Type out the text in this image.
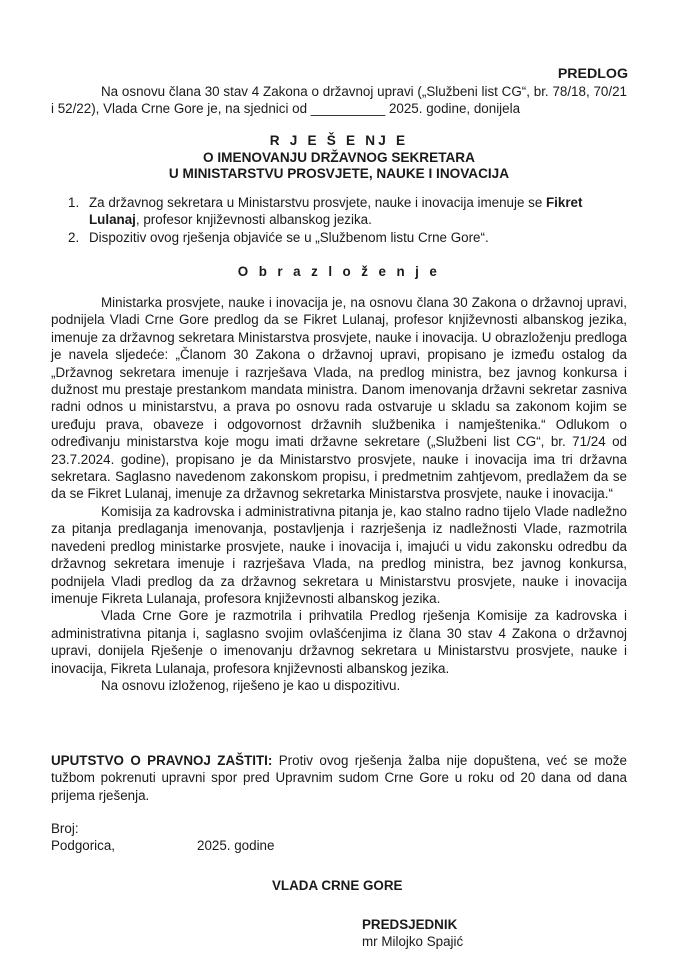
PREDLOG
Na osnovu člana 30 stav 4 Zakona o državnoj upravi („Službeni list CG“, br. 78/18, 70/21 i 52/22), Vlada Crne Gore je, na sjednici od __________ 2025. godine, donijela
R J E Š E NJ E
O IMENOVANJU DRŽAVNOG SEKRETARA
U MINISTARSTVU PROSVJETE, NAUKE I INOVACIJA
1. Za državnog sekretara u Ministarstvu prosvjete, nauke i inovacija imenuje se Fikret Lulanaj, profesor književnosti albanskog jezika.
2. Dispozitiv ovog rješenja objaviće se u „Službenom listu Crne Gore“.
O b r a z l o ž e n j e

Ministarka prosvjete, nauke i inovacija je, na osnovu člana 30 Zakona o državnoj upravi, podnijela Vladi Crne Gore predlog da se Fikret Lulanaj, profesor književnosti albanskog jezika, imenuje za državnog sekretara Ministarstva prosvjete, nauke i inovacija. U obrazloženju predloga je navela sljedeće: „Članom 30 Zakona o državnoj upravi, propisano je između ostalog da „Državnog sekretara imenuje i razrješava Vlada, na predlog ministra, bez javnog konkursa i dužnost mu prestaje prestankom mandata ministra. Danom imenovanja državni sekretar zasniva radni odnos u ministarstvu, a prava po osnovu rada ostvaruje u skladu sa zakonom kojim se uređuju prava, obaveze i odgovornost državnih službenika i namještenika.“ Odlukom o određivanju ministarstva koje mogu imati državne sekretare („Službeni list CG“, br. 71/24 od 23.7.2024. godine), propisano je da Ministarstvo prosvjete, nauke i inovacija ima tri državna sekretara. Saglasno navedenom zakonskom propisu, i predmetnim zahtjevom, predlažem da se da se Fikret Lulanaj, imenuje za državnog sekretarka Ministarstva prosvjete, nauke i inovacija.“

Komisija za kadrovska i administrativna pitanja je, kao stalno radno tijelo Vlade nadležno za pitanja predlaganja imenovanja, postavljenja i razrješenja iz nadležnosti Vlade, razmotrila navedeni predlog ministarke prosvjete, nauke i inovacija i, imajući u vidu zakonsku odredbu da državnog sekretara imenuje i razrješava Vlada, na predlog ministra, bez javnog konkursa, podnijela Vladi predlog da za državnog sekretara u Ministarstvu prosvjete, nauke i inovacija imenuje Fikreta Lulanaja, profesora književnosti albanskog jezika.

Vlada Crne Gore je razmotrila i prihvatila Predlog rješenja Komisije za kadrovska i administrativna pitanja i, saglasno svojim ovlašćenjima iz člana 30 stav 4 Zakona o državnoj upravi, donijela Rješenje o imenovanju državnog sekretara u Ministarstvu prosvjete, nauke i inovacija, Fikreta Lulanaja, profesora književnosti albanskog jezika.

Na osnovu izloženog, riješeno je kao u dispozitivu.

UPUTSTVO O PRAVNOJ ZAŠTITI: Protiv ovog rješenja žalba nije dopuštena, već se može tužbom pokrenuti upravni spor pred Upravnim sudom Crne Gore u roku od 20 dana od dana prijema rješenja.
Broj:
Podgorica,	2025. godine
VLADA CRNE GORE
PREDSJEDNIK
mr Milojko Spajić
